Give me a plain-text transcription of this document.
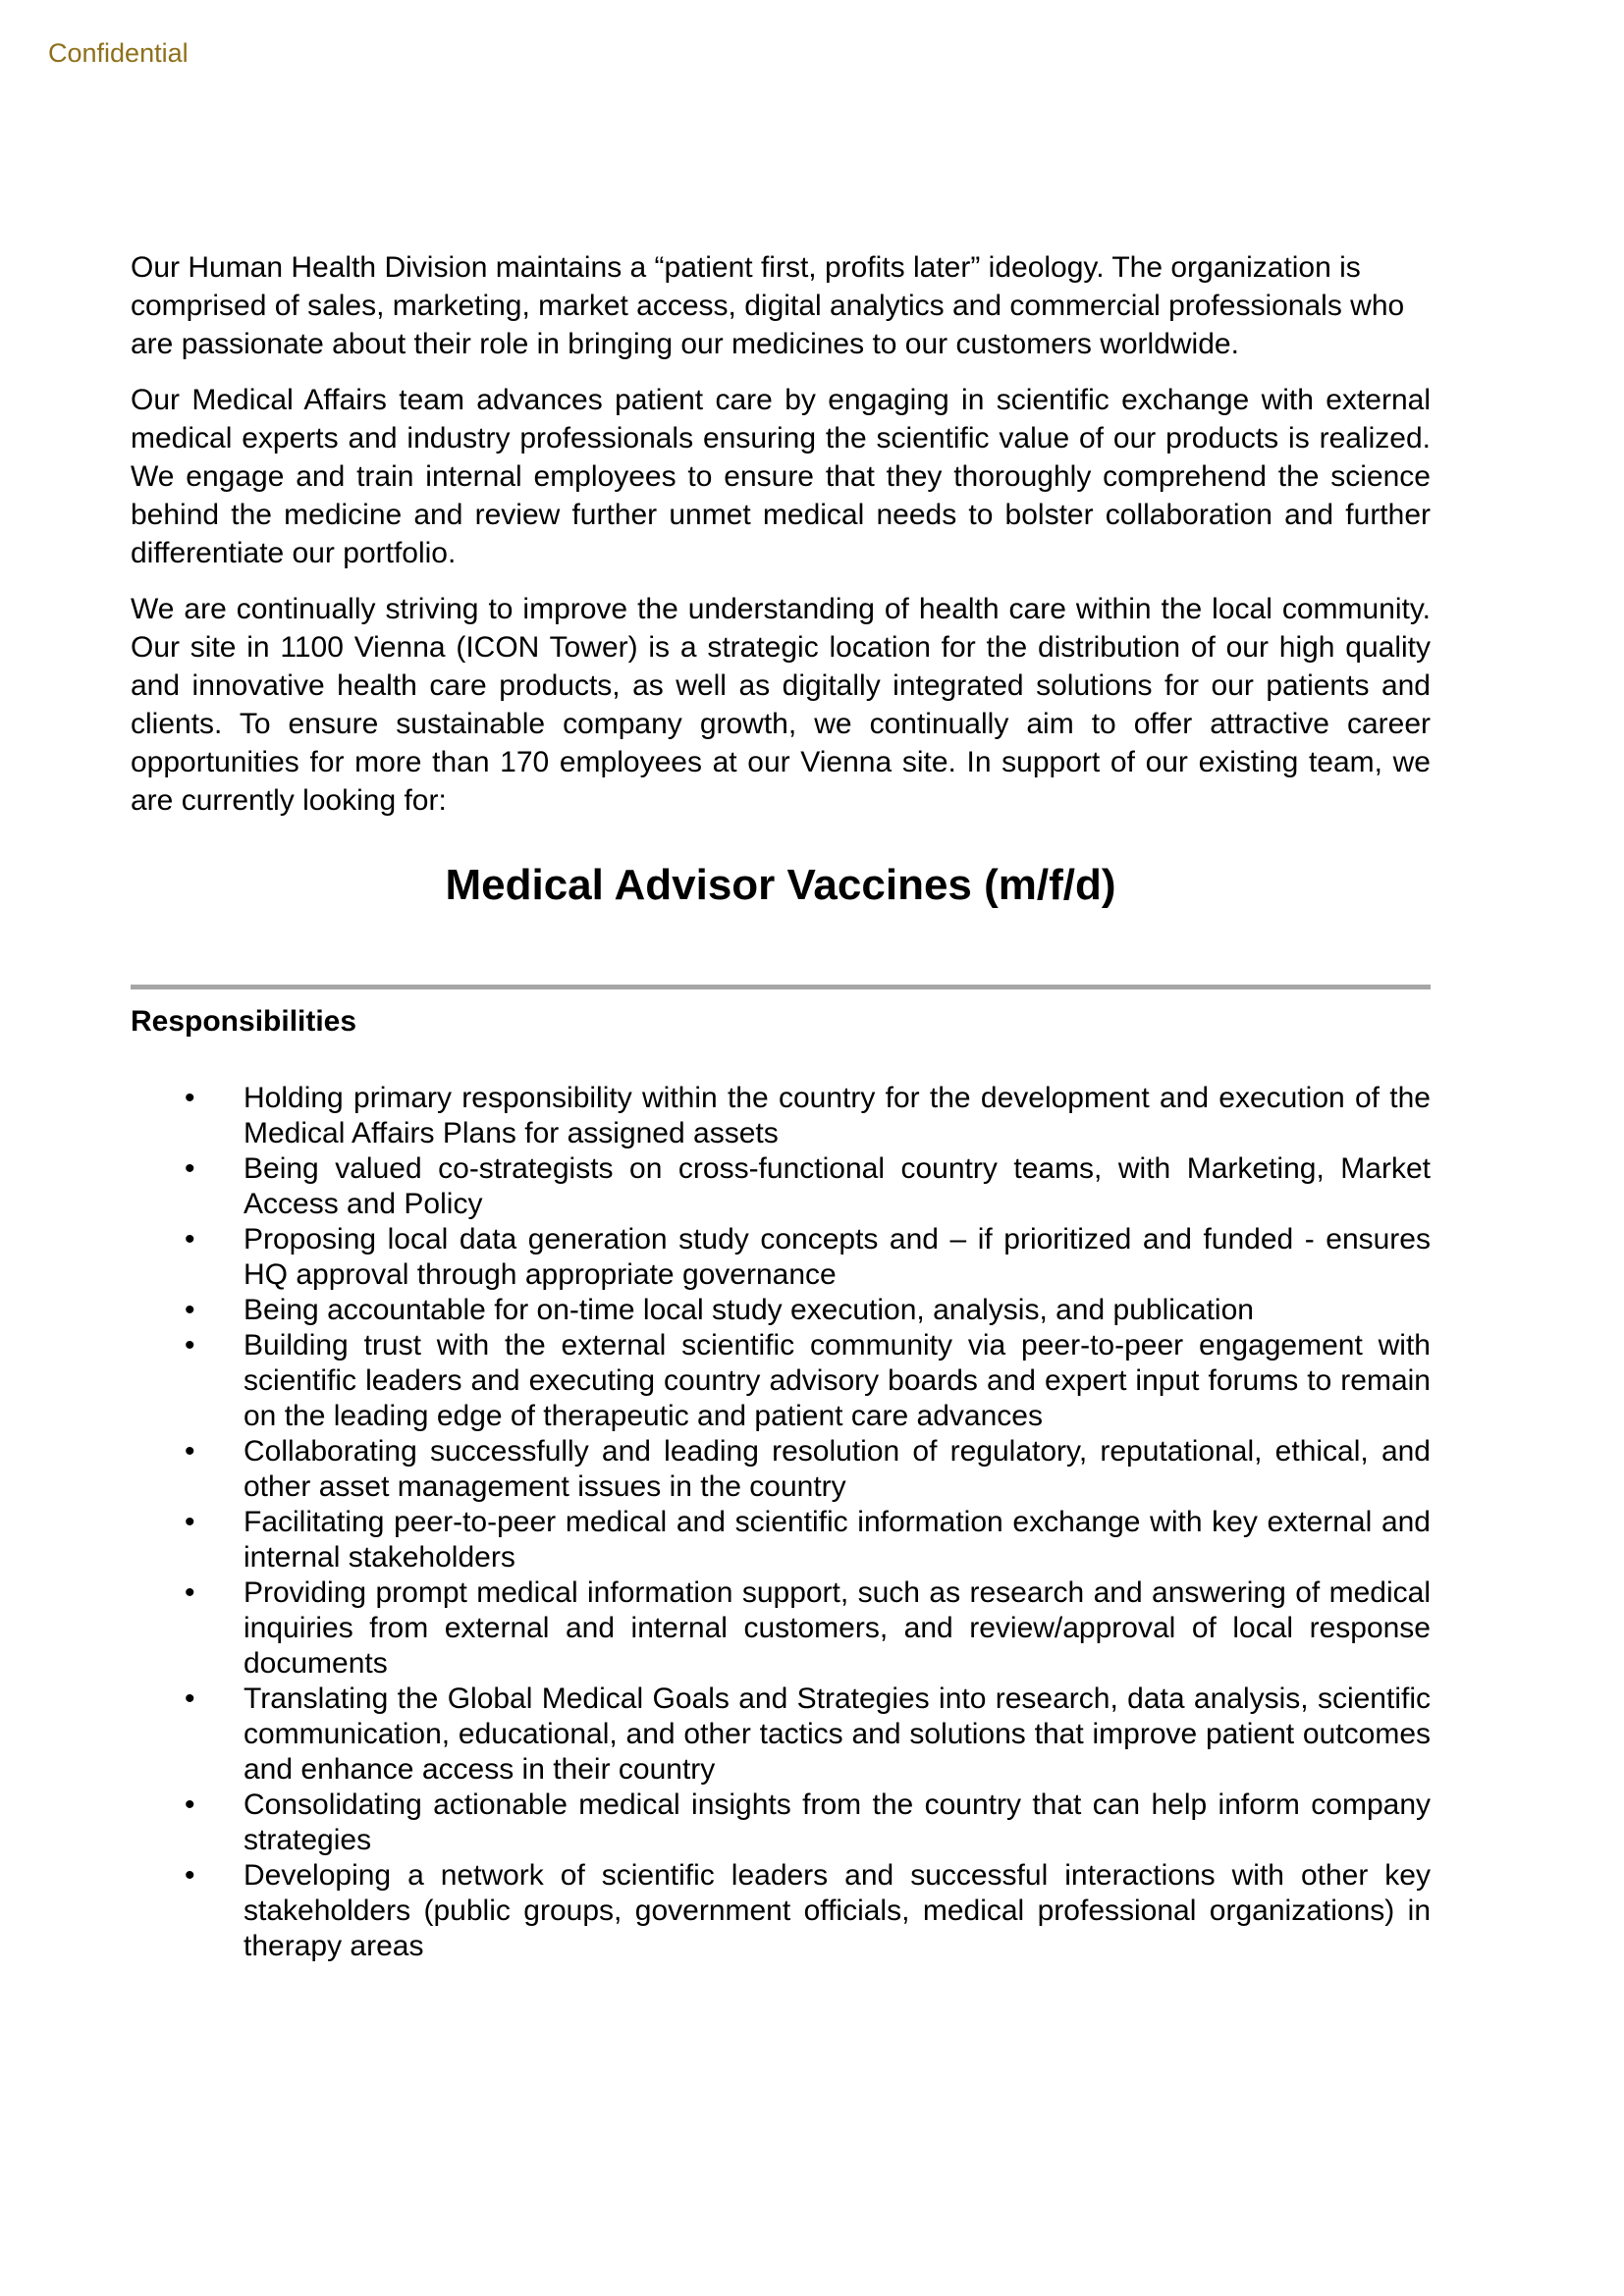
Confidential

Our Human Health Division maintains a “patient first, profits later” ideology. The organization is comprised of sales, marketing, market access, digital analytics and commercial professionals who are passionate about their role in bringing our medicines to our customers worldwide.

Our Medical Affairs team advances patient care by engaging in scientific exchange with external medical experts and industry professionals ensuring the scientific value of our products is realized. We engage and train internal employees to ensure that they thoroughly comprehend the science behind the medicine and review further unmet medical needs to bolster collaboration and further differentiate our portfolio.

We are continually striving to improve the understanding of health care within the local community. Our site in 1100 Vienna (ICON Tower) is a strategic location for the distribution of our high quality and innovative health care products, as well as digitally integrated solutions for our patients and clients. To ensure sustainable company growth, we continually aim to offer attractive career opportunities for more than 170 employees at our Vienna site. In support of our existing team, we are currently looking for:

Medical Advisor Vaccines (m/f/d)
Responsibilities
• Holding primary responsibility within the country for the development and execution of the Medical Affairs Plans for assigned assets
• Being valued co-strategists on cross-functional country teams, with Marketing, Market Access and Policy
• Proposing local data generation study concepts and – if prioritized and funded - ensures HQ approval through appropriate governance
• Being accountable for on-time local study execution, analysis, and publication
• Building trust with the external scientific community via peer-to-peer engagement with scientific leaders and executing country advisory boards and expert input forums to remain on the leading edge of therapeutic and patient care advances
• Collaborating successfully and leading resolution of regulatory, reputational, ethical, and other asset management issues in the country
• Facilitating peer-to-peer medical and scientific information exchange with key external and internal stakeholders
• Providing prompt medical information support, such as research and answering of medical inquiries from external and internal customers, and review/approval of local response documents
• Translating the Global Medical Goals and Strategies into research, data analysis, scientific communication, educational, and other tactics and solutions that improve patient outcomes and enhance access in their country
• Consolidating actionable medical insights from the country that can help inform company strategies
• Developing a network of scientific leaders and successful interactions with other key stakeholders (public groups, government officials, medical professional organizations) in therapy areas
